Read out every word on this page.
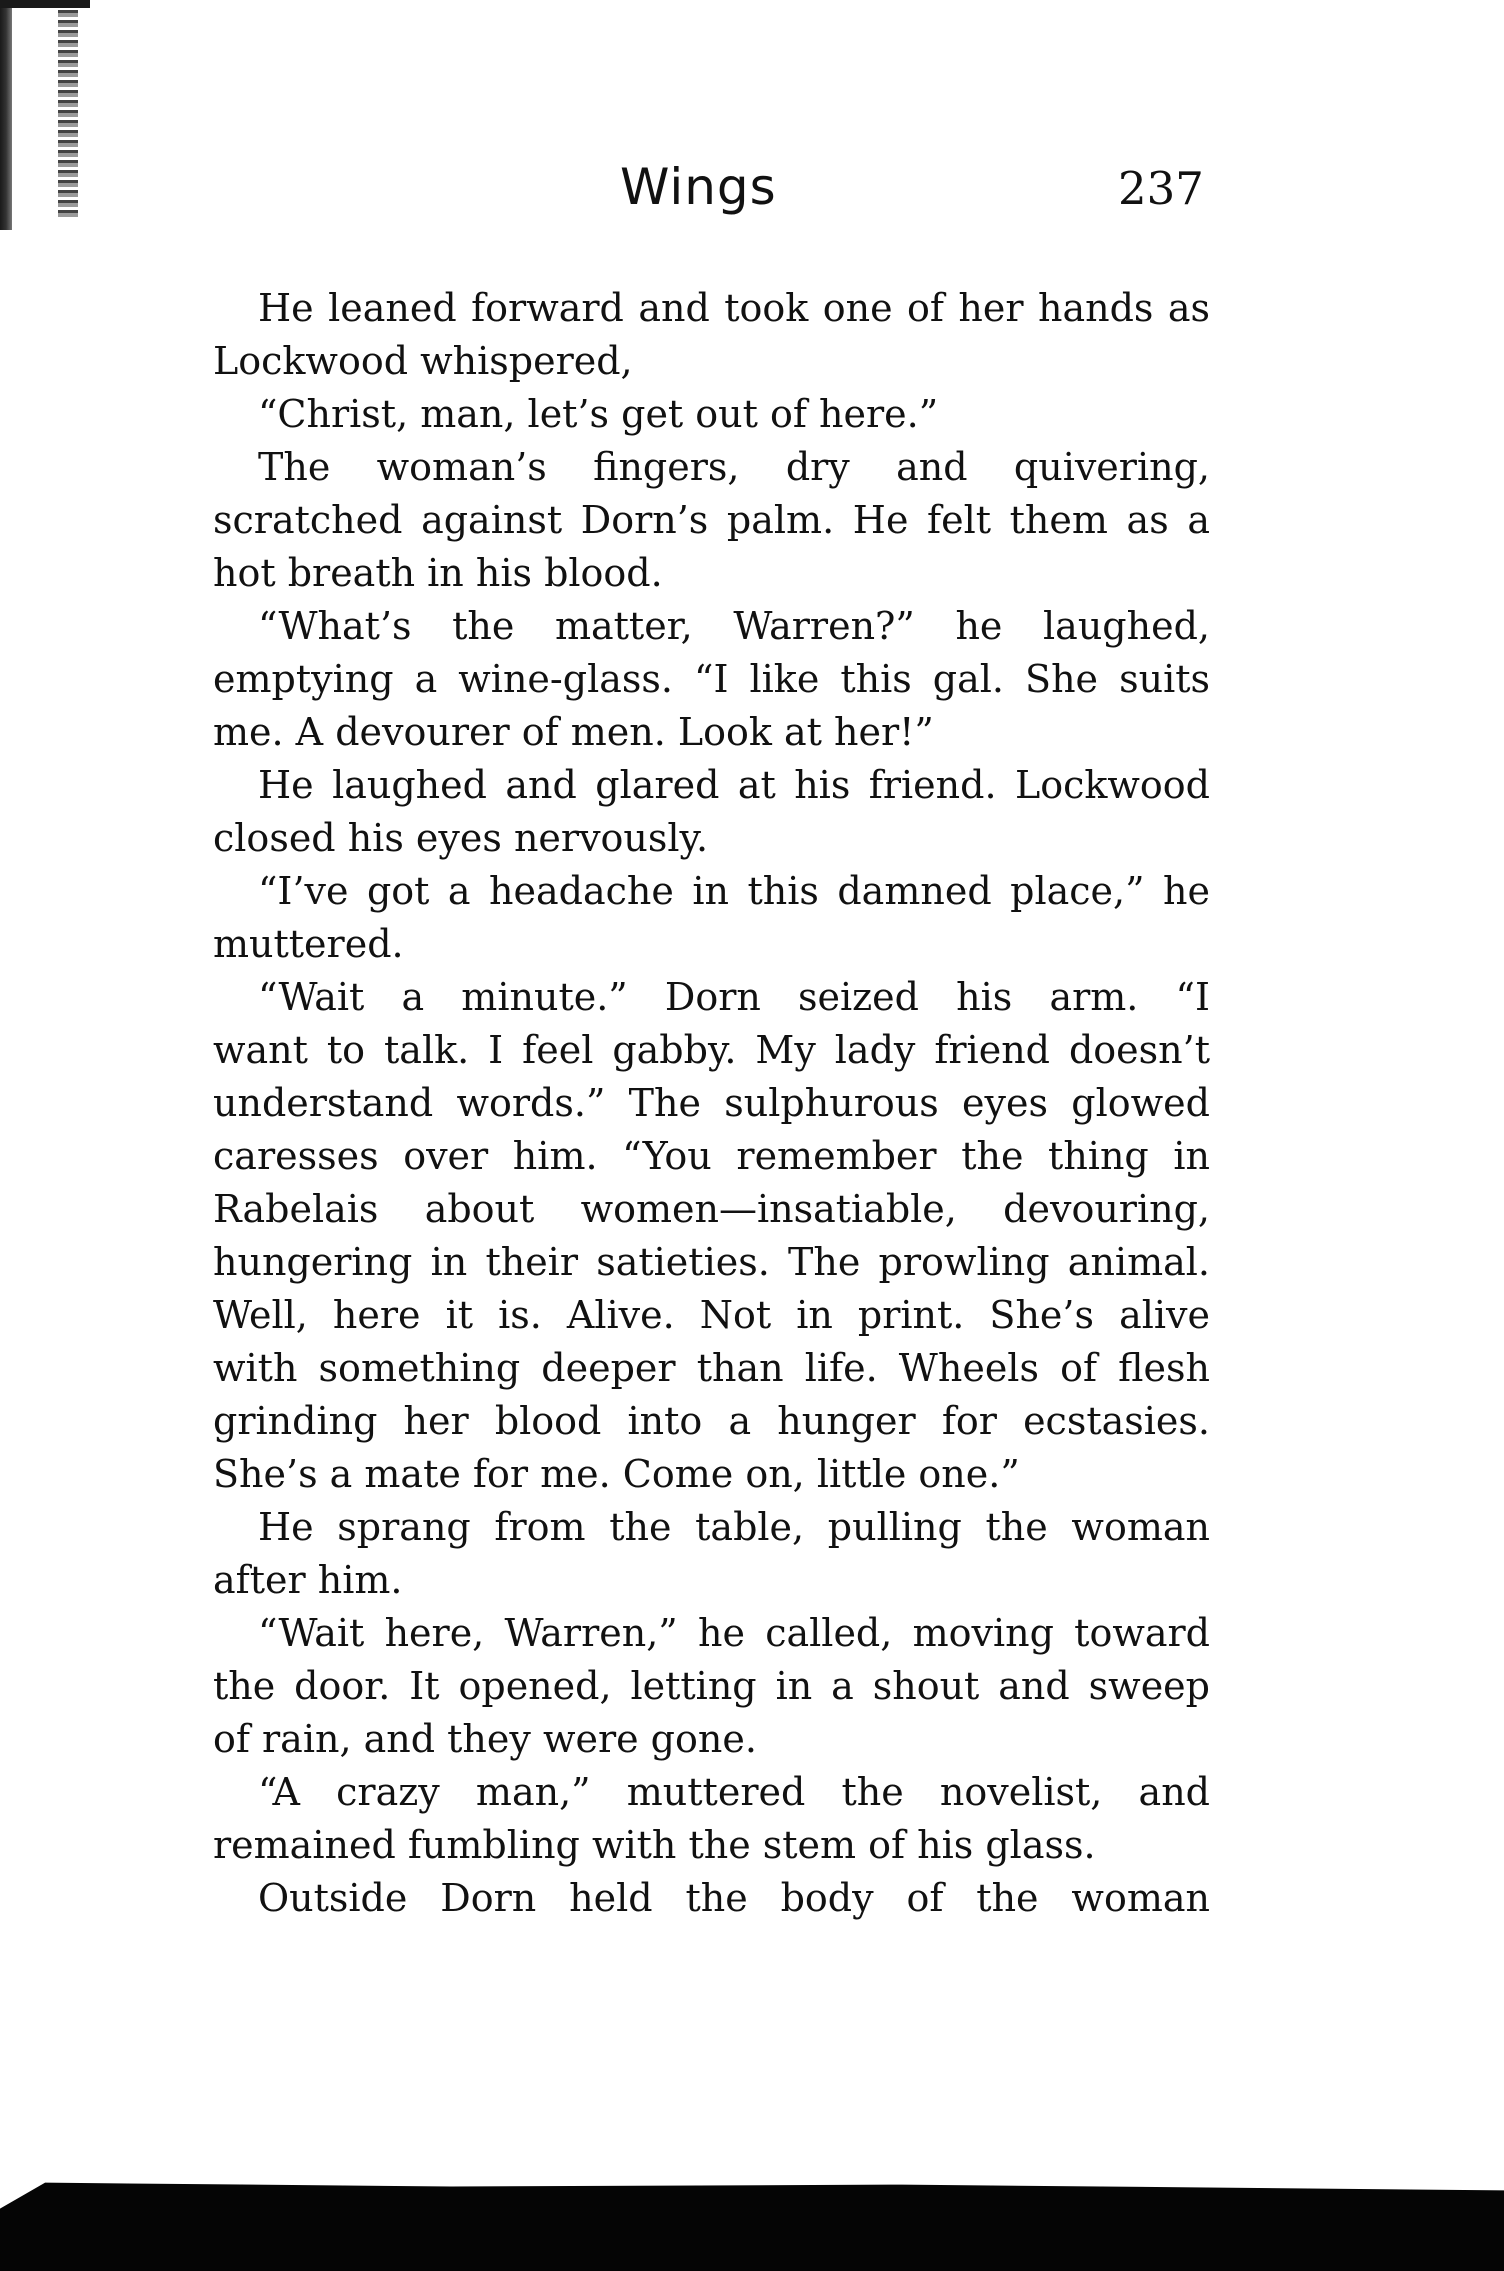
Wings	237
He leaned forward and took one of her hands as
Lockwood whispered,
“Christ, man, let’s get out of here.”
The woman’s fingers, dry and quivering,
scratched against Dorn’s palm. He felt them as a
hot breath in his blood.
“What’s the matter, Warren?” he laughed,
emptying a wine-glass. “I like this gal. She suits
me. A devourer of men. Look at her!”
He laughed and glared at his friend. Lockwood
closed his eyes nervously.
“I’ve got a headache in this damned place,” he
muttered.
“Wait a minute.” Dorn seized his arm. “I
want to talk. I feel gabby. My lady friend doesn’t
understand words.” The sulphurous eyes glowed
caresses over him. “You remember the thing in
Rabelais about women—insatiable, devouring,
hungering in their satieties. The prowling animal.
Well, here it is. Alive. Not in print. She’s alive
with something deeper than life. Wheels of flesh
grinding her blood into a hunger for ecstasies.
She’s a mate for me. Come on, little one.”
He sprang from the table, pulling the woman
after him.
“Wait here, Warren,” he called, moving toward
the door. It opened, letting in a shout and sweep
of rain, and they were gone.
“A crazy man,” muttered the novelist, and
remained fumbling with the stem of his glass.
Outside Dorn held the body of the woman
